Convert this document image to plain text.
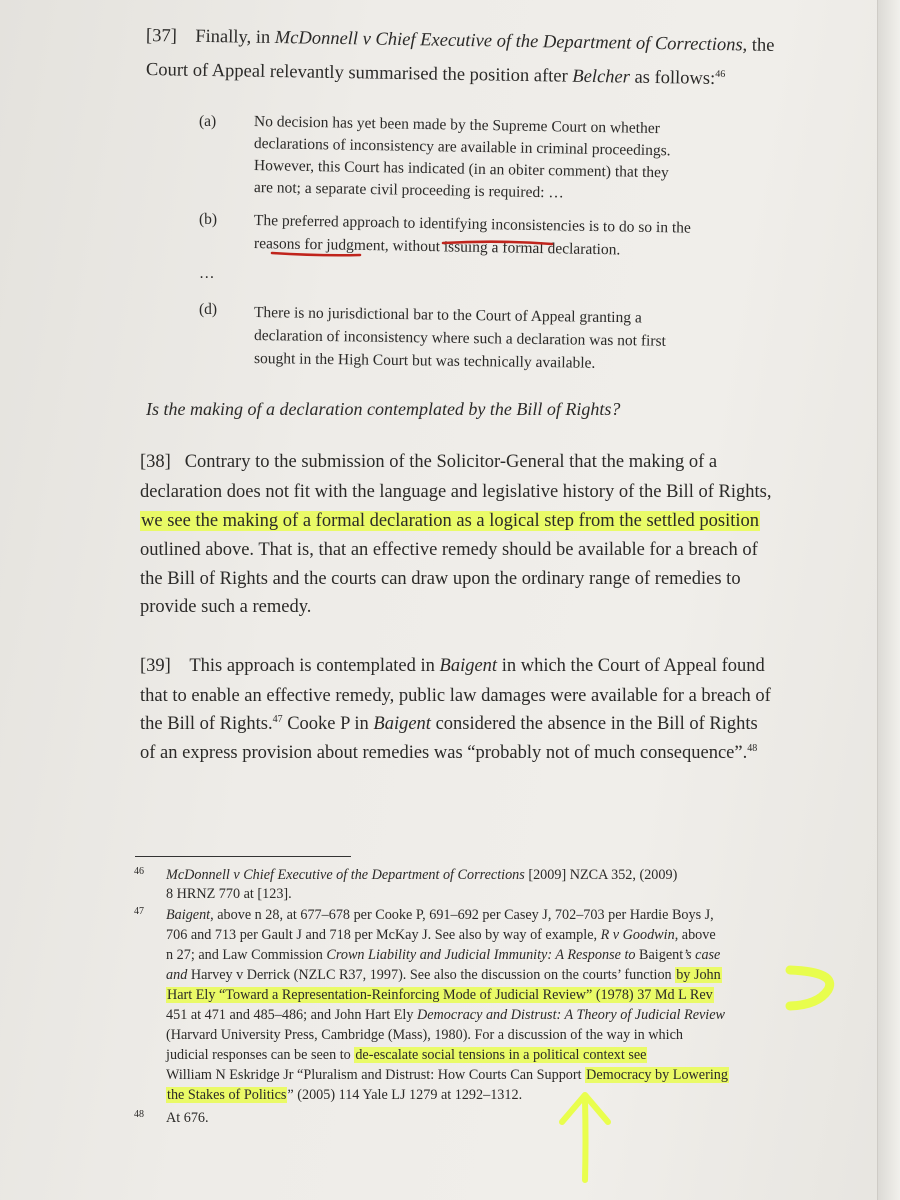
[37] Finally, in McDonnell v Chief Executive of the Department of Corrections, the
Court of Appeal relevantly summarised the position after Belcher as follows:$^{46}$
(a) No decision has yet been made by the Supreme Court on whether
declarations of inconsistency are available in criminal proceedings.
However, this Court has indicated (in an obiter comment) that they
are not; a separate civil proceeding is required: …
(b) The preferred approach to identifying inconsistencies is to do so in the
reasons for judgment, without issuing a formal declaration.
…
(d) There is no jurisdictional bar to the Court of Appeal granting a
declaration of inconsistency where such a declaration was not first
sought in the High Court but was technically available.
Is the making of a declaration contemplated by the Bill of Rights?
[38] Contrary to the submission of the Solicitor-General that the making of a
declaration does not fit with the language and legislative history of the Bill of Rights,
we see the making of a formal declaration as a logical step from the settled position
outlined above. That is, that an effective remedy should be available for a breach of
the Bill of Rights and the courts can draw upon the ordinary range of remedies to
provide such a remedy.
[39] This approach is contemplated in Baigent in which the Court of Appeal found
that to enable an effective remedy, public law damages were available for a breach of
the Bill of Rights.$^{47}$ Cooke P in Baigent considered the absence in the Bill of Rights
of an express provision about remedies was “probably not of much consequence”.$^{48}$
46 McDonnell v Chief Executive of the Department of Corrections [2009] NZCA 352, (2009)
8 HRNZ 770 at [123].
47 Baigent, above n 28, at 677–678 per Cooke P, 691–692 per Casey J, 702–703 per Hardie Boys J,
706 and 713 per Gault J and 718 per McKay J. See also by way of example, R v Goodwin, above
n 27; and Law Commission Crown Liability and Judicial Immunity: A Response to Baigent’s case
and Harvey v Derrick (NZLC R37, 1997). See also the discussion on the courts’ function by John
Hart Ely “Toward a Representation-Reinforcing Mode of Judicial Review” (1978) 37 Md L Rev
451 at 471 and 485–486; and John Hart Ely Democracy and Distrust: A Theory of Judicial Review
(Harvard University Press, Cambridge (Mass), 1980). For a discussion of the way in which
judicial responses can be seen to de-escalate social tensions in a political context see
William N Eskridge Jr “Pluralism and Distrust: How Courts Can Support Democracy by Lowering
the Stakes of Politics” (2005) 114 Yale LJ 1279 at 1292–1312.
48 At 676.
